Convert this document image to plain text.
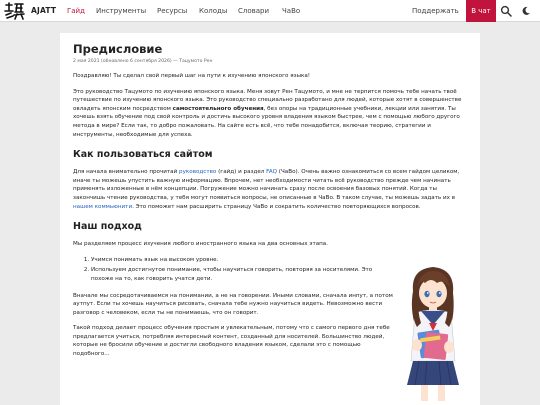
AJATT Гайд Инструменты Ресурсы Колоды Словари ЧаВо	Поддержать	В чат
Предисловие
2 мая 2021 (обновлено 6 сентября 2026) — Тацумото Рен

Поздравляю! Ты сделал свой первый шаг на пути к изучению японского языка!

Это руководство Тацумото по изучению японского языка. Меня зовут Рен Тацумото, и мне не терпится помочь тебе начать твоё путешествие по изучению японского языка. Это руководство специально разработано для людей, которые хотят в совершенстве овладеть японским посредством самостоятельного обучения, без опоры на традиционные учебники, лекции или занятия. Ты хочешь взять обучение под свой контроль и достичь высокого уровня владения языком быстрее, чем с помощью любого другого метода в мире? Если так, то добро пожаловать. На сайте есть всё, что тебе понадобится, включая теорию, стратегии и инструменты, необходимые для успеха.

Как пользоваться сайтом

Для начала внимательно прочитай руководство (гайд) и раздел FAQ (ЧаВо). Очень важно ознакомиться со всем гайдом целиком, иначе ты можешь упустить важную информацию. Впрочем, нет необходимости читать всё руководство прежде чем начинать применять изложенные в нём концепции. Погружение можно начинать сразу после освоения базовых понятий. Когда ты закончишь чтение руководства, у тебя могут появиться вопросы, не описанные в ЧаВо. В таком случае, ты можешь задать их в нашем коммьюнити. Это поможет нам расширить страницу ЧаВо и сократить количество повторяющихся вопросов.

Наш подход

Мы разделяем процесс изучения любого иностранного языка на два основных этапа.

1. Учимся понимать язык на высоком уровне.
2. Используем достигнутое понимание, чтобы научиться говорить, повторяя за носителями. Это похоже на то, как говорить учатся дети.

Вначале мы сосредотачиваемся на понимании, а не на говорении. Иными словами, сначала инпут, а потом аутпут. Если ты хочешь научиться рисовать, сначала тебе нужно научиться видеть. Невозможно вести разговор с человеком, если ты не понимаешь, что он говорит.

Такой подход делает процесс обучения простым и увлекательным, потому что с самого первого дня тебе предлагается учиться, потребляя интересный контент, созданный для носителей. Большинство людей, которые не бросили обучение и достигли свободного владения языком, сделали это с помощью подобного...
